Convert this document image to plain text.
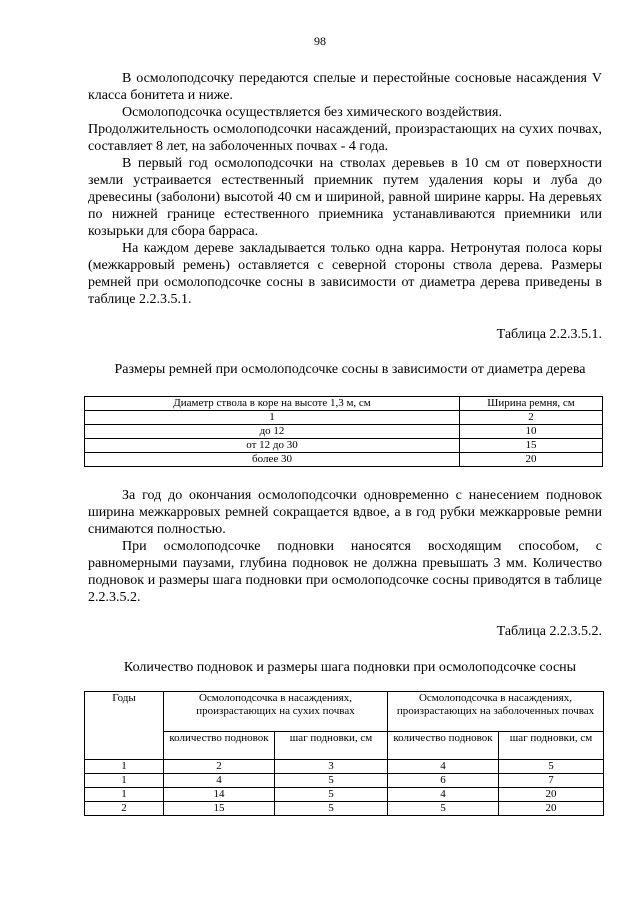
98

В осмолоподсочку передаются спелые и перестойные сосновые насаждения V класса бонитета и ниже.

Осмолоподсочка осуществляется без химического воздействия.

Продолжительность осмолоподсочки насаждений, произрастающих на сухих почвах, составляет 8 лет, на заболоченных почвах - 4 года.

В первый год осмолоподсочки на стволах деревьев в 10 см от поверхности земли устраивается естественный приемник путем удаления коры и луба до древесины (заболони) высотой 40 см и шириной, равной ширине карры. На деревьях по нижней границе естественного приемника устанавливаются приемники или козырьки для сбора барраса.

На каждом дереве закладывается только одна карра. Нетронутая полоса коры (межкарровый ремень) оставляется с северной стороны ствола дерева. Размеры ремней при осмолоподсочке сосны в зависимости от диаметра дерева приведены в таблице 2.2.3.5.1.

Таблица 2.2.3.5.1.
Размеры ремней при осмолоподсочке сосны в зависимости от диаметра дерева
Диаметр ствола в коре на высоте 1,3 м, см	Ширина ремня, см
1	2
до 12	10
от 12 до 30	15
более 30	20

За год до окончания осмолоподсочки одновременно с нанесением подновок ширина межкарровых ремней сокращается вдвое, а в год рубки межкарровые ремни снимаются полностью.

При осмолоподсочке подновки наносятся восходящим способом, с равномерными паузами, глубина подновок не должна превышать 3 мм. Количество подновок и размеры шага подновки при осмолоподсочке сосны приводятся в таблице 2.2.3.5.2.

Таблица 2.2.3.5.2.
Количество подновок и размеры шага подновки при осмолоподсочке сосны
Годы	Осмолоподсочка в насаждениях, произрастающих на сухих почвах		Осмолоподсочка в насаждениях, произрастающих на заболоченных почвах	
	количество подновок	шаг подновки, см	количество подновок	шаг подновки, см
1	2	3	4	5
1	4	5	6	7
1	14	5	4	20
2	15	5	5	20
